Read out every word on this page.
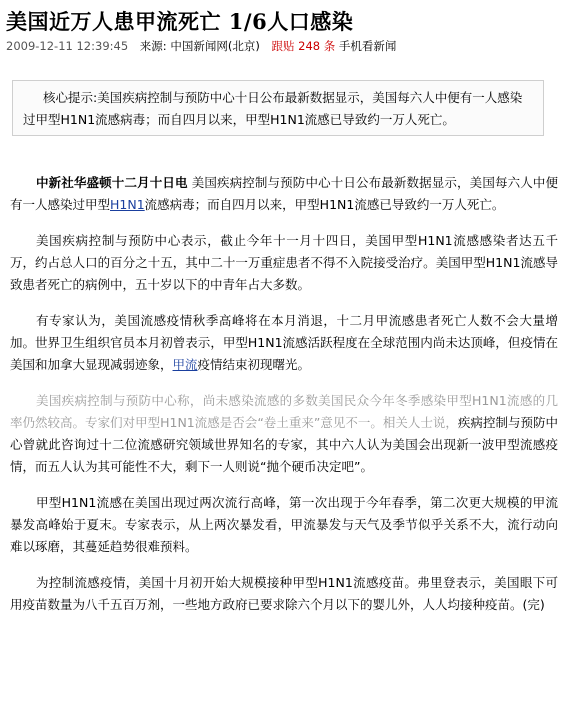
美国近万人患甲流死亡 1/6人口感染
2009-12-11 12:39:45 来源: 中国新闻网(北京) 跟贴 248 条 手机看新闻
核心提示:美国疾病控制与预防中心十日公布最新数据显示，美国每六人中便有一人感染过甲型H1N1流感病毒；而自四月以来，甲型H1N1流感已导致约一万人死亡。

中新社华盛顿十二月十日电 美国疾病控制与预防中心十日公布最新数据显示，美国每六人中便有一人感染过甲型H1N1流感病毒；而自四月以来，甲型H1N1流感已导致约一万人死亡。

美国疾病控制与预防中心表示，截止今年十一月十四日，美国甲型H1N1流感感染者达五千万，约占总人口的百分之十五，其中二十一万重症患者不得不入院接受治疗。美国甲型H1N1流感导致患者死亡的病例中，五十岁以下的中青年占大多数。

有专家认为，美国流感疫情秋季高峰将在本月消退，十二月甲流感患者死亡人数不会大量增加。世界卫生组织官员本月初曾表示，甲型H1N1流感活跃程度在全球范围内尚未达顶峰，但疫情在美国和加拿大显现减弱迹象，甲流疫情结束初现曙光。

美国疾病控制与预防中心称，尚未感染流感的多数美国民众今年冬季感染甲型H1N1流感的几率仍然较高。专家们对甲型H1N1流感是否会“卷土重来”意见不一。相关人士说，疾病控制与预防中心曾就此咨询过十二位流感研究领域世界知名的专家，其中六人认为美国会出现新一波甲型流感疫情，而五人认为其可能性不大，剩下一人则说“抛个硬币决定吧”。

甲型H1N1流感在美国出现过两次流行高峰，第一次出现于今年春季，第二次更大规模的甲流暴发高峰始于夏末。专家表示，从上两次暴发看，甲流暴发与天气及季节似乎关系不大，流行动向难以琢磨，其蔓延趋势很难预料。

为控制流感疫情，美国十月初开始大规模接种甲型H1N1流感疫苗。弗里登表示，美国眼下可用疫苗数量为八千五百万剂，一些地方政府已要求除六个月以下的婴儿外，人人均接种疫苗。(完)
